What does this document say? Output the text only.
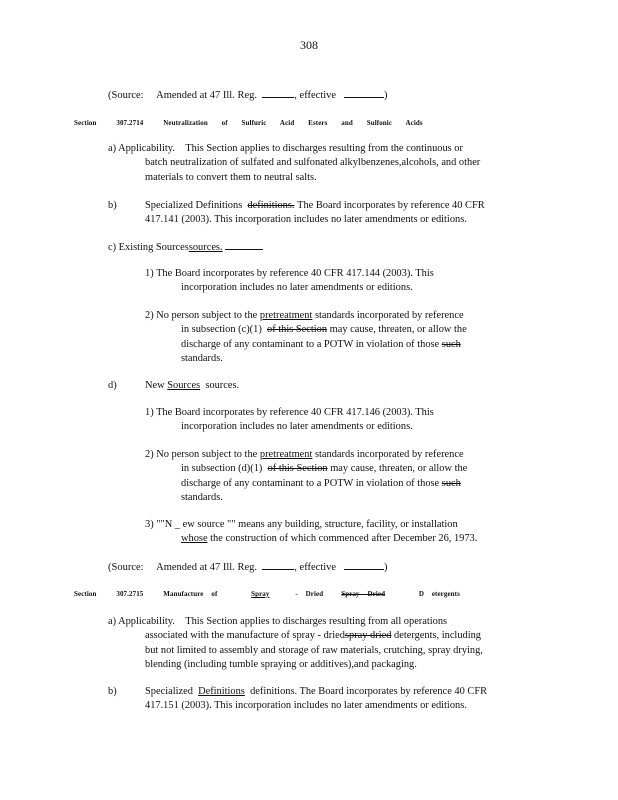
308
(Source: Amended at 47 Ill. Reg.	, effective	)
Section	307.2714	Neutralization of Sulfuric Acid Esters and Sulfonic Acids
a) Applicability. This Section applies to discharges resulting from the continuous or
batch neutralization of sulfated and sulfonated alkylbenzenes,alcohols, and other
materials to convert them to neutral salts.
b)	Specialized Definitions definitions. The Board incorporates by reference 40 CFR
417.141 (2003). This incorporation includes no later amendments or editions.
c) Existing Sourcessources.
1) The Board incorporates by reference 40 CFR 417.144 (2003). This
incorporation includes no later amendments or editions.
2) No person subject to the pretreatment standards incorporated by reference
in subsection (c)(1) of this Section may cause, threaten, or allow the
discharge of any contaminant to a POTW in violation of those such
standards.
d)	New Sources sources.
1) The Board incorporates by reference 40 CFR 417.146 (2003). This
incorporation includes no later amendments or editions.
2) No person subject to the pretreatment standards incorporated by reference
in subsection (d)(1) of this Section may cause, threaten, or allow the
discharge of any contaminant to a POTW in violation of those such
standards.
3) ""N _ ew source "" means any building, structure, facility, or installation
whose the construction of which commenced after December 26, 1973.
(Source: Amended at 47 Ill. Reg.	, effective	)
Section	307.2715	Manufacture of	Spray	- Dried	Spray Dried	D etergents
a) Applicability. This Section applies to discharges resulting from all operations
associated with the manufacture of spray - driedspray dried detergents, including
but not limited to assembly and storage of raw materials, crutching, spray drying,
blending (including tumble spraying or additives),and packaging.
b)	Specialized Definitions definitions. The Board incorporates by reference 40 CFR
417.151 (2003). This incorporation includes no later amendments or editions.
